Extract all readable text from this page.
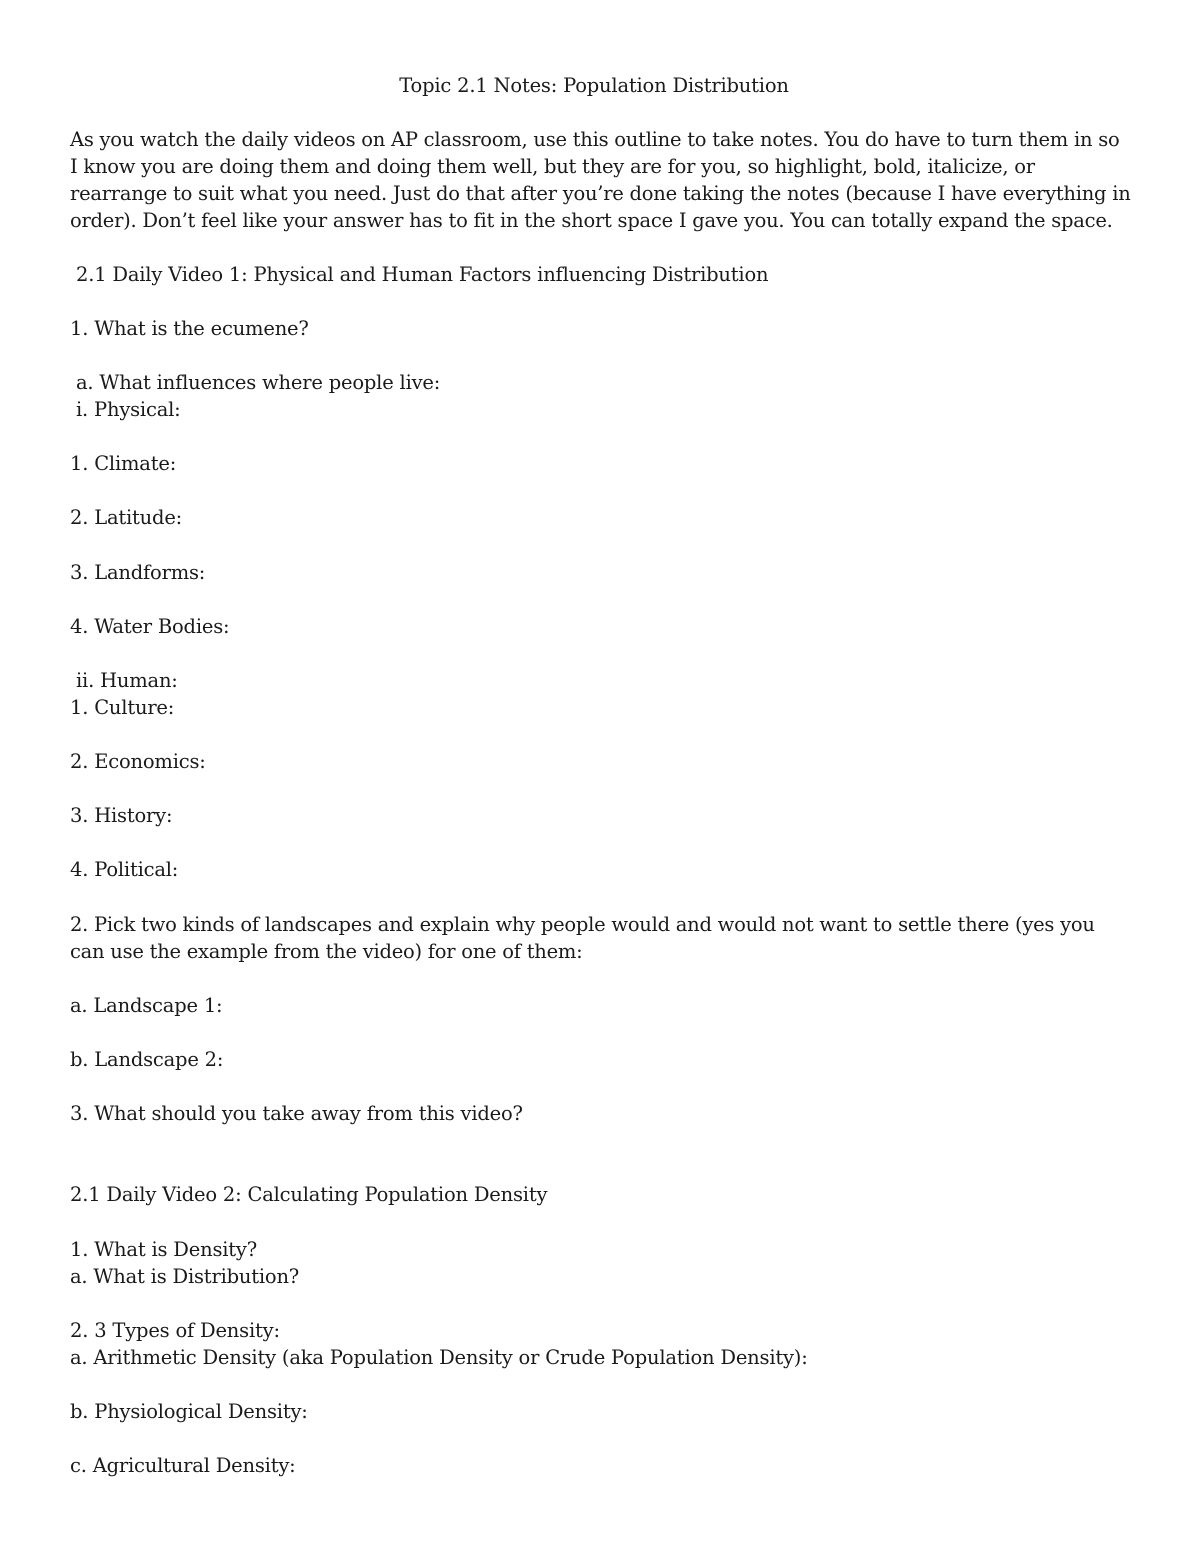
Topic 2.1 Notes: Population Distribution
As you watch the daily videos on AP classroom, use this outline to take notes. You do have to turn them in so I know you are doing them and doing them well, but they are for you, so highlight, bold, italicize, or rearrange to suit what you need. Just do that after you’re done taking the notes (because I have everything in order). Don’t feel like your answer has to fit in the short space I gave you. You can totally expand the space.
2.1 Daily Video 1: Physical and Human Factors influencing Distribution
1. What is the ecumene?
a. What influences where people live:
i. Physical:
1. Climate:
2. Latitude:
3. Landforms:
4. Water Bodies:
ii. Human:
1. Culture:
2. Economics:
3. History:
4. Political:
2. Pick two kinds of landscapes and explain why people would and would not want to settle there (yes you can use the example from the video) for one of them:
a. Landscape 1:
b. Landscape 2:
3. What should you take away from this video?
2.1 Daily Video 2: Calculating Population Density
1. What is Density?
a. What is Distribution?
2. 3 Types of Density:
a. Arithmetic Density (aka Population Density or Crude Population Density):
b. Physiological Density:
c. Agricultural Density:
